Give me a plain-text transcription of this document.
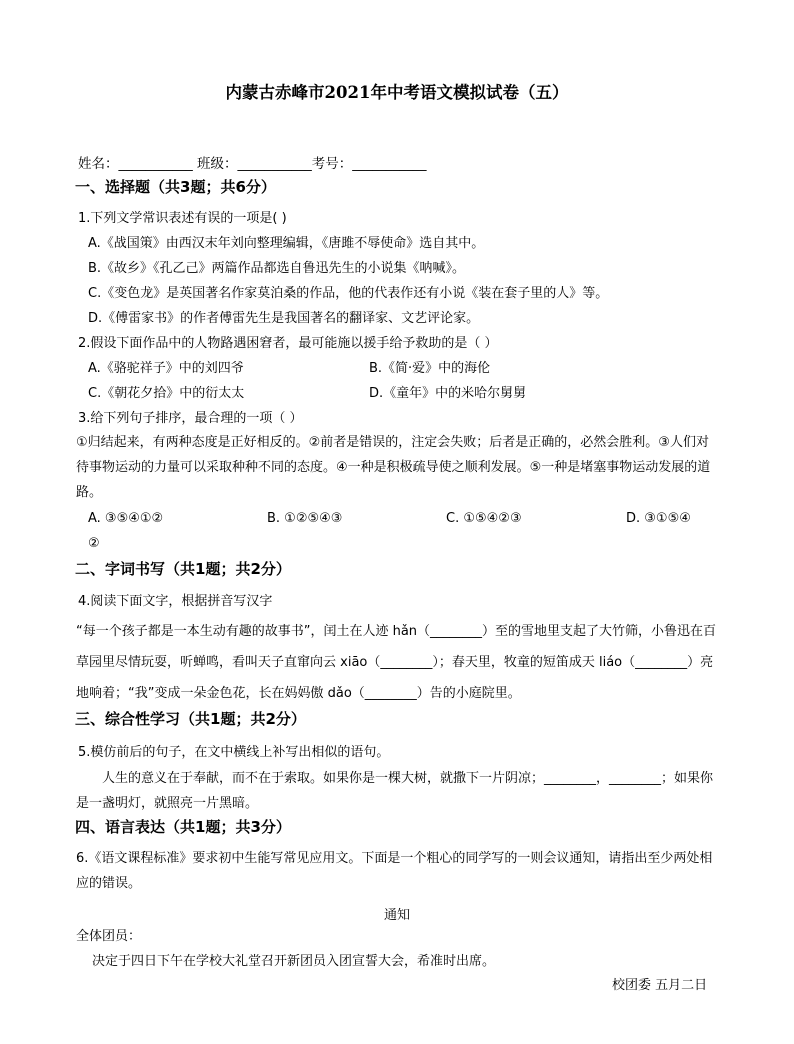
内蒙古赤峰市2021年中考语文模拟试卷（五）
姓名：___________ 班级：___________考号：___________
一、选择题（共3题；共6分）
1.下列文学常识表述有误的一项是( )
A.《战国策》由西汉末年刘向整理编辑，《唐雎不辱使命》选自其中。
B.《故乡》《孔乙己》两篇作品都选自鲁迅先生的小说集《呐喊》。
C.《变色龙》是英国著名作家莫泊桑的作品，他的代表作还有小说《装在套子里的人》等。
D.《傅雷家书》的作者傅雷先生是我国著名的翻译家、文艺评论家。
2.假设下面作品中的人物路遇困窘者，最可能施以援手给予救助的是（ ）
A.《骆驼祥子》中的刘四爷	B.《简·爱》中的海伦
C.《朝花夕拾》中的衍太太	D.《童年》中的米哈尔舅舅
3.给下列句子排序，最合理的一项（ ）
①归结起来，有两种态度是正好相反的。②前者是错误的，注定会失败；后者是正确的，必然会胜利。③人们对待事物运动的力量可以采取种种不同的态度。④一种是积极疏导使之顺利发展。⑤一种是堵塞事物运动发展的道路。
A. ③⑤④①②	B. ①②⑤④③	C. ①⑤④②③	D. ③①⑤④
②
二、字词书写（共1题；共2分）
4.阅读下面文字，根据拼音写汉字
“每一个孩子都是一本生动有趣的故事书”，闰土在人迹 hǎn（________）至的雪地里支起了大竹筛，小鲁迅在百草园里尽情玩耍，听蝉鸣，看叫天子直窜向云 xiāo（________）；春天里，牧童的短笛成天 liáo（________）亮地响着；“我”变成一朵金色花，长在妈妈傲 dǎo（________）告的小庭院里。
三、综合性学习（共1题；共2分）
5.模仿前后的句子，在文中横线上补写出相似的语句。
人生的意义在于奉献，而不在于索取。如果你是一棵大树，就撒下一片阴凉；________，________；如果你是一盏明灯，就照亮一片黑暗。
四、语言表达（共1题；共3分）
6.《语文课程标准》要求初中生能写常见应用文。下面是一个粗心的同学写的一则会议通知，请指出至少两处相应的错误。
通知
全体团员：
决定于四日下午在学校大礼堂召开新团员入团宣誓大会，希准时出席。
校团委 五月二日
